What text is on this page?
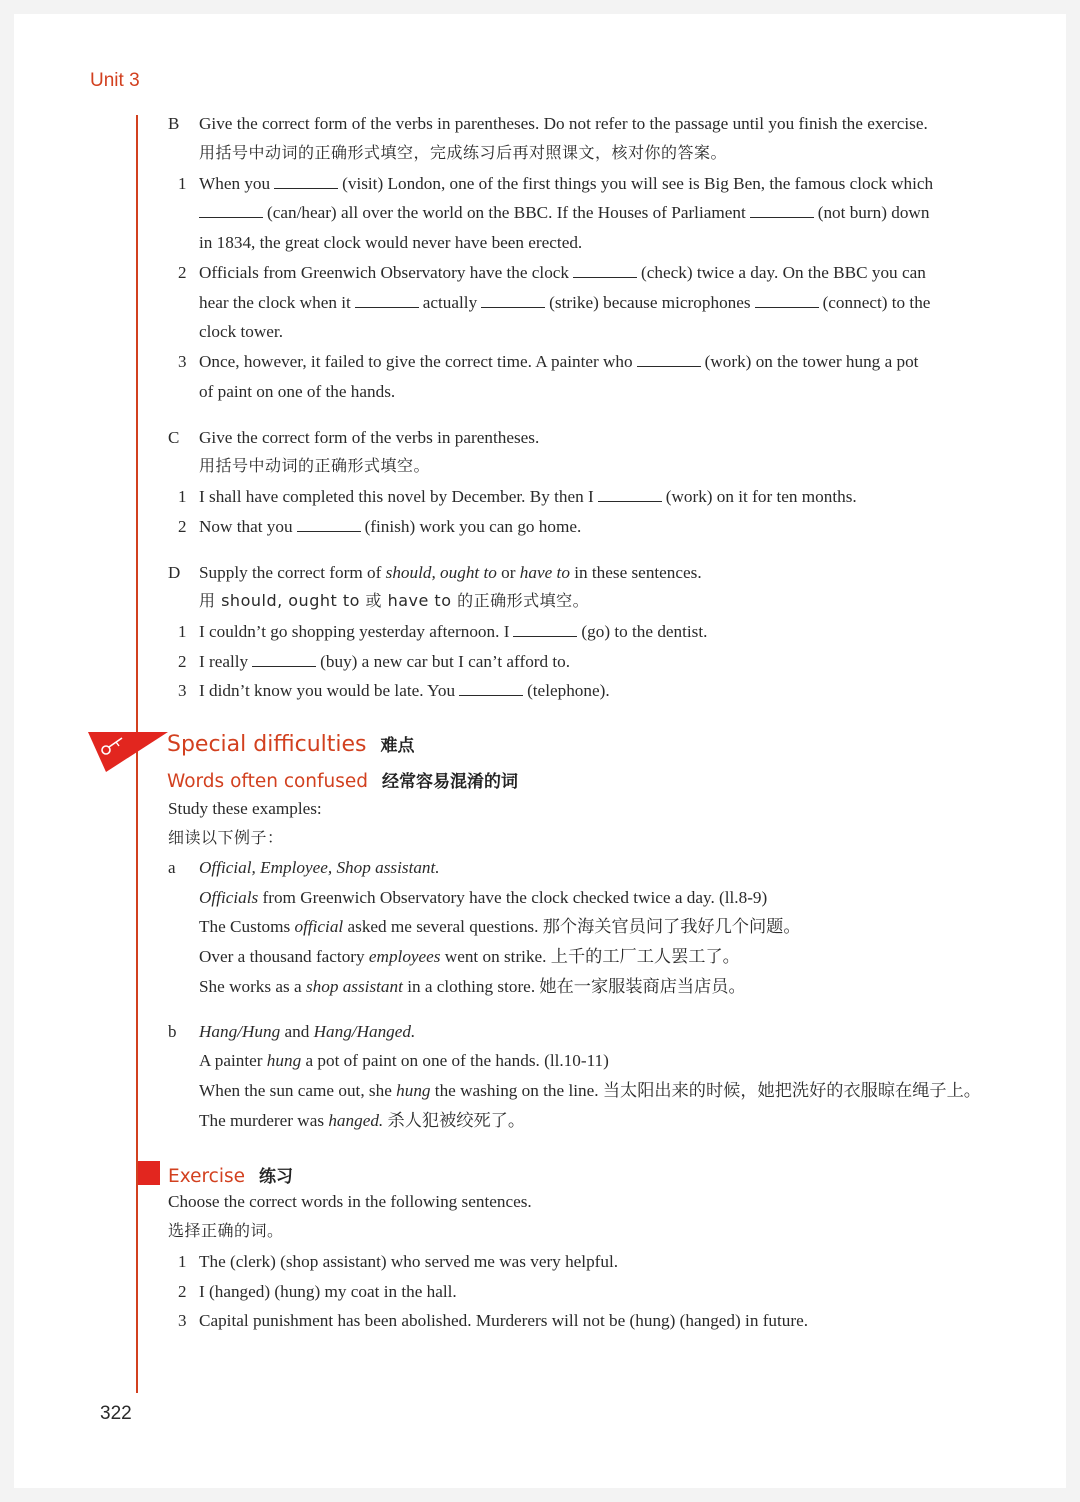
Unit 3
B Give the correct form of the verbs in parentheses. Do not refer to the passage until you finish the exercise.
用括号中动词的正确形式填空，完成练习后再对照课文，核对你的答案。
1 When you	(visit) London, one of the first things you will see is Big Ben, the famous clock which
(can/hear) all over the world on the BBC. If the Houses of Parliament	(not burn) down
in 1834, the great clock would never have been erected.
2 Officials from Greenwich Observatory have the clock	(check) twice a day. On the BBC you can
hear the clock when it	actually	(strike) because microphones	(connect) to the
clock tower.
3 Once, however, it failed to give the correct time. A painter who	(work) on the tower hung a pot
of paint on one of the hands.
C Give the correct form of the verbs in parentheses.
用括号中动词的正确形式填空。
1 I shall have completed this novel by December. By then I	(work) on it for ten months.
2 Now that you	(finish) work you can go home.
D Supply the correct form of should, ought to or have to in these sentences.
用 should, ought to 或 have to 的正确形式填空。
1 I couldn’t go shopping yesterday afternoon. I	(go) to the dentist.
2 I really	(buy) a new car but I can’t afford to.
3 I didn’t know you would be late. You	(telephone).
Special difficulties 难点
Words often confused 经常容易混淆的词
Study these examples:
细读以下例子：
a Official, Employee, Shop assistant.
Officials from Greenwich Observatory have the clock checked twice a day. (ll.8-9)
The Customs official asked me several questions. 那个海关官员问了我好几个问题。
Over a thousand factory employees went on strike. 上千的工厂工人罢工了。
She works as a shop assistant in a clothing store. 她在一家服装商店当店员。
b Hang/Hung and Hang/Hanged.
A painter hung a pot of paint on one of the hands. (ll.10-11)
When the sun came out, she hung the washing on the line. 当太阳出来的时候，她把洗好的衣服晾在绳子上。
The murderer was hanged. 杀人犯被绞死了。
Exercise 练习
Choose the correct words in the following sentences.
选择正确的词。
1 The (clerk) (shop assistant) who served me was very helpful.
2 I (hanged) (hung) my coat in the hall.
3 Capital punishment has been abolished. Murderers will not be (hung) (hanged) in future.
322
